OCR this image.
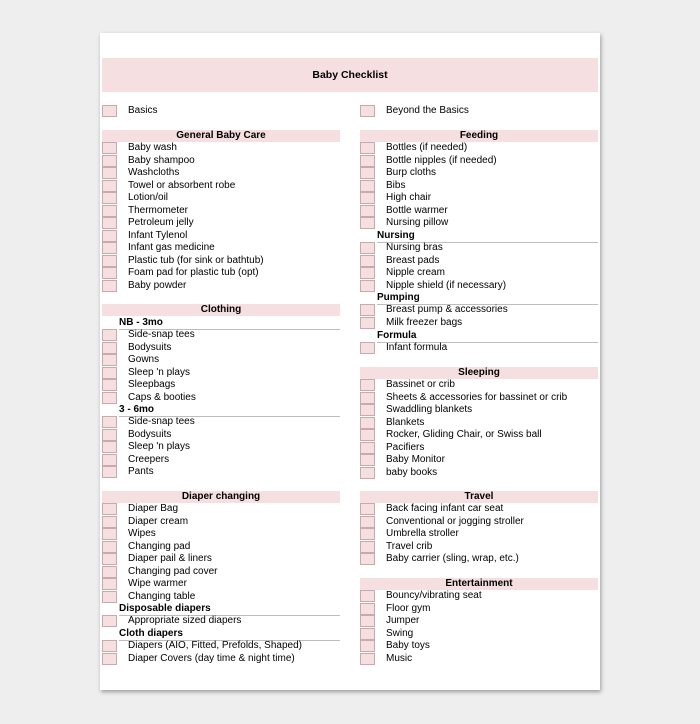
Baby Checklist
Basics
General Baby Care
Baby wash
Baby shampoo
Washcloths
Towel or absorbent robe
Lotion/oil
Thermometer
Petroleum jelly
Infant Tylenol
Infant gas medicine
Plastic tub (for sink or bathtub)
Foam pad for plastic tub (opt)
Baby powder
Clothing
NB - 3mo
Side-snap tees
Bodysuits
Gowns
Sleep 'n plays
Sleepbags
Caps & booties
3 - 6mo
Side-snap tees
Bodysuits
Sleep 'n plays
Creepers
Pants
Diaper changing
Diaper Bag
Diaper cream
Wipes
Changing pad
Diaper pail & liners
Changing pad cover
Wipe warmer
Changing table
Disposable diapers
Appropriate sized diapers
Cloth diapers
Diapers (AIO, Fitted, Prefolds, Shaped)
Diaper Covers (day time & night time)
Beyond the Basics
Feeding
Bottles (if needed)
Bottle nipples (if needed)
Burp cloths
Bibs
High chair
Bottle warmer
Nursing pillow
Nursing
Nursing bras
Breast pads
Nipple cream
Nipple shield (if necessary)
Pumping
Breast pump & accessories
Milk freezer bags
Formula
Infant formula
Sleeping
Bassinet or crib
Sheets & accessories for bassinet or crib
Swaddling blankets
Blankets
Rocker, Gliding Chair, or Swiss ball
Pacifiers
Baby Monitor
baby books
Travel
Back facing infant car seat
Conventional or jogging stroller
Umbrella stroller
Travel crib
Baby carrier (sling, wrap, etc.)
Entertainment
Bouncy/vibrating seat
Floor gym
Jumper
Swing
Baby toys
Music
